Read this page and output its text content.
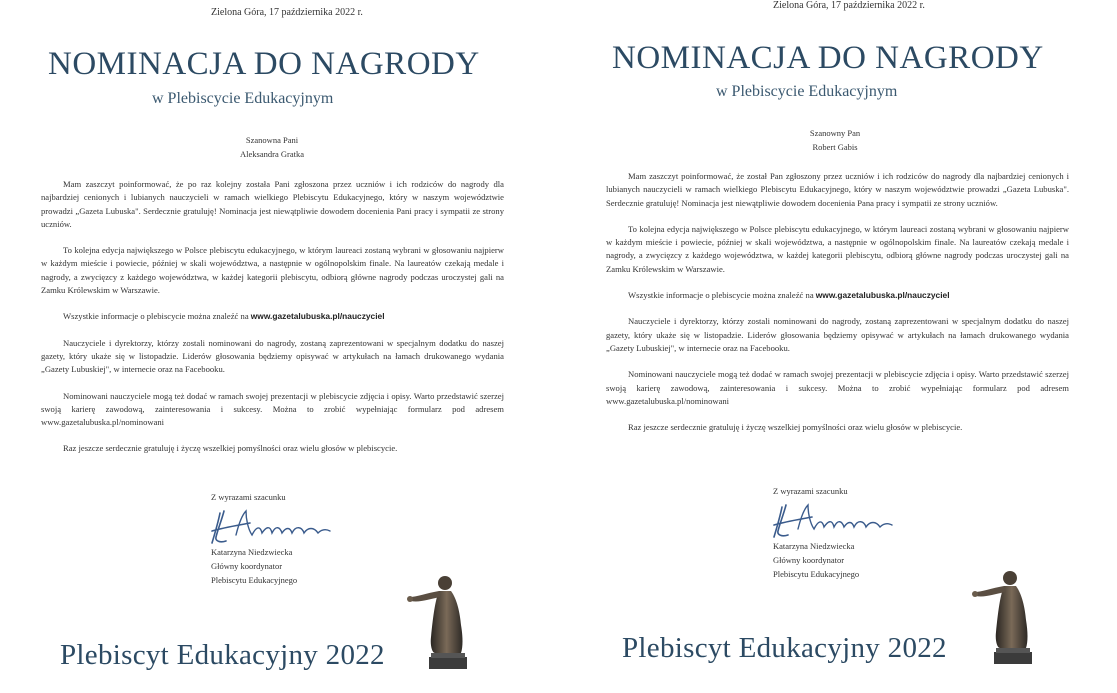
Zielona Góra, 17 października 2022 r.
NOMINACJA DO NAGRODY
w Plebiscycie Edukacyjnym
Szanowna Pani
Aleksandra Gratka

Mam zaszczyt poinformować, że po raz kolejny została Pani zgłoszona przez uczniów i ich rodziców do nagrody dla najbardziej cenionych i lubianych nauczycieli w ramach wielkiego Plebiscytu Edukacyjnego, który w naszym województwie prowadzi „Gazeta Lubuska". Serdecznie gratuluję! Nominacja jest niewątpliwie dowodem docenienia Pani pracy i sympatii ze strony uczniów.

To kolejna edycja największego w Polsce plebiscytu edukacyjnego, w którym laureaci zostaną wybrani w głosowaniu najpierw w każdym mieście i powiecie, później w skali województwa, a następnie w ogólnopolskim finale. Na laureatów czekają medale i nagrody, a zwycięzcy z każdego województwa, w każdej kategorii plebiscytu, odbiorą główne nagrody podczas uroczystej gali na Zamku Królewskim w Warszawie.

Wszystkie informacje o plebiscycie można znaleźć na www.gazetalubuska.pl/nauczyciel

Nauczyciele i dyrektorzy, którzy zostali nominowani do nagrody, zostaną zaprezentowani w specjalnym dodatku do naszej gazety, który ukaże się w listopadzie. Liderów głosowania będziemy opisywać w artykułach na łamach drukowanego wydania „Gazety Lubuskiej", w internecie oraz na Facebooku.

Nominowani nauczyciele mogą też dodać w ramach swojej prezentacji w plebiscycie zdjęcia i opisy. Warto przedstawić szerzej swoją karierę zawodową, zainteresowania i sukcesy. Można to zrobić wypełniając formularz pod adresem www.gazetalubuska.pl/nominowani

Raz jeszcze serdecznie gratuluję i życzę wszelkiej pomyślności oraz wielu głosów w plebiscycie.

Z wyrazami szacunku
Katarzyna Niedzwiecka
Główny koordynator
Plebiscytu Edukacyjnego
Plebiscyt Edukacyjny 2022
Zielona Góra, 17 października 2022 r.
NOMINACJA DO NAGRODY
w Plebiscycie Edukacyjnym
Szanowny Pan
Robert Gabis

Mam zaszczyt poinformować, że został Pan zgłoszony przez uczniów i ich rodziców do nagrody dla najbardziej cenionych i lubianych nauczycieli w ramach wielkiego Plebiscytu Edukacyjnego, który w naszym województwie prowadzi „Gazeta Lubuska". Serdecznie gratuluję! Nominacja jest niewątpliwie dowodem docenienia Pana pracy i sympatii ze strony uczniów.

To kolejna edycja największego w Polsce plebiscytu edukacyjnego, w którym laureaci zostaną wybrani w głosowaniu najpierw w każdym mieście i powiecie, później w skali województwa, a następnie w ogólnopolskim finale. Na laureatów czekają medale i nagrody, a zwycięzcy z każdego województwa, w każdej kategorii plebiscytu, odbiorą główne nagrody podczas uroczystej gali na Zamku Królewskim w Warszawie.

Wszystkie informacje o plebiscycie można znaleźć na www.gazetalubuska.pl/nauczyciel

Nauczyciele i dyrektorzy, którzy zostali nominowani do nagrody, zostaną zaprezentowani w specjalnym dodatku do naszej gazety, który ukaże się w listopadzie. Liderów głosowania będziemy opisywać w artykułach na łamach drukowanego wydania „Gazety Lubuskiej", w internecie oraz na Facebooku.

Nominowani nauczyciele mogą też dodać w ramach swojej prezentacji w plebiscycie zdjęcia i opisy. Warto przedstawić szerzej swoją karierę zawodową, zainteresowania i sukcesy. Można to zrobić wypełniając formularz pod adresem www.gazetalubuska.pl/nominowani

Raz jeszcze serdecznie gratuluję i życzę wszelkiej pomyślności oraz wielu głosów w plebiscycie.

Z wyrazami szacunku
Katarzyna Niedzwiecka
Główny koordynator
Plebiscytu Edukacyjnego
Plebiscyt Edukacyjny 2022
